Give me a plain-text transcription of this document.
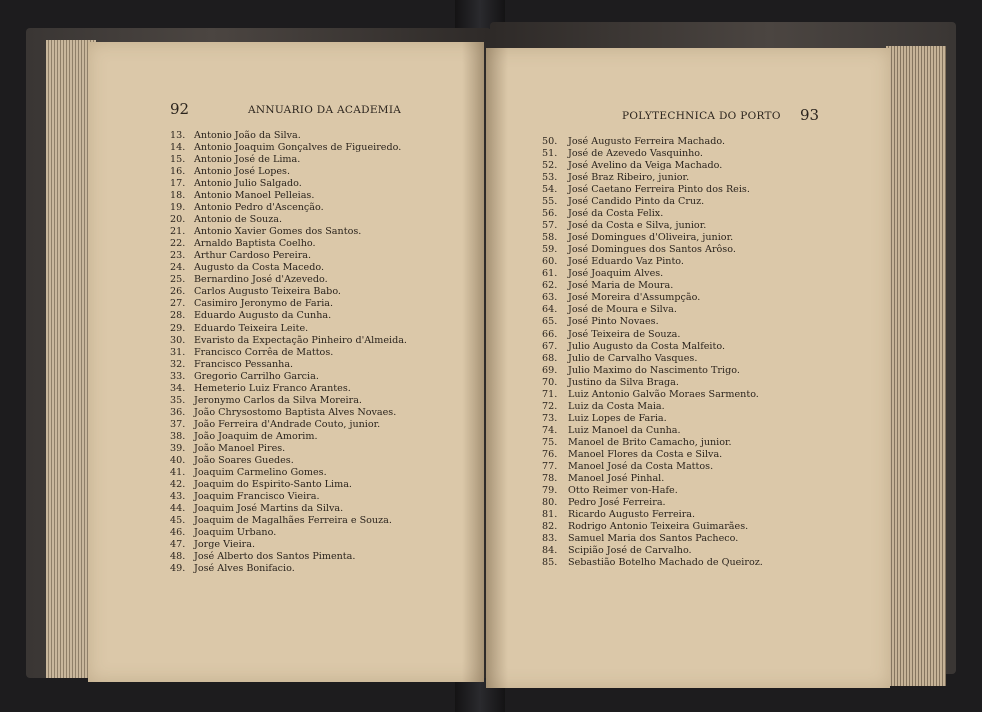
92	ANNUARIO DA ACADEMIA
13. Antonio João da Silva.
14. Antonio Joaquim Gonçalves de Figueiredo.
15. Antonio José de Lima.
16. Antonio José Lopes.
17. Antonio Julio Salgado.
18. Antonio Manoel Pelleias.
19. Antonio Pedro d'Ascenção.
20. Antonio de Souza.
21. Antonio Xavier Gomes dos Santos.
22. Arnaldo Baptista Coelho.
23. Arthur Cardoso Pereira.
24. Augusto da Costa Macedo.
25. Bernardino José d'Azevedo.
26. Carlos Augusto Teixeira Babo.
27. Casimiro Jeronymo de Faria.
28. Eduardo Augusto da Cunha.
29. Eduardo Teixeira Leite.
30. Evaristo da Expectação Pinheiro d'Almeida.
31. Francisco Corrêa de Mattos.
32. Francisco Pessanha.
33. Gregorio Carrilho Garcia.
34. Hemeterio Luiz Franco Arantes.
35. Jeronymo Carlos da Silva Moreira.
36. João Chrysostomo Baptista Alves Novaes.
37. João Ferreira d'Andrade Couto, junior.
38. João Joaquim de Amorim.
39. João Manoel Pires.
40. João Soares Guedes.
41. Joaquim Carmelino Gomes.
42. Joaquim do Espirito-Santo Lima.
43. Joaquim Francisco Vieira.
44. Joaquim José Martins da Silva.
45. Joaquim de Magalhães Ferreira e Souza.
46. Joaquim Urbano.
47. Jorge Vieira.
48. José Alberto dos Santos Pimenta.
49. José Alves Bonifacio.
POLYTECHNICA DO PORTO 93
50. José Augusto Ferreira Machado.
51. José de Azevedo Vasquinho.
52. José Avelino da Veiga Machado.
53. José Braz Ribeiro, junior.
54. José Caetano Ferreira Pinto dos Reis.
55. José Candido Pinto da Cruz.
56. José da Costa Felix.
57. José da Costa e Silva, junior.
58. José Domingues d'Oliveira, junior.
59. José Domingues dos Santos Arôso.
60. José Eduardo Vaz Pinto.
61. José Joaquim Alves.
62. José Maria de Moura.
63. José Moreira d'Assumpção.
64. José de Moura e Silva.
65. José Pinto Novaes.
66. José Teixeira de Souza.
67. Julio Augusto da Costa Malfeito.
68. Julio de Carvalho Vasques.
69. Julio Maximo do Nascimento Trigo.
70. Justino da Silva Braga.
71. Luiz Antonio Galvão Moraes Sarmento.
72. Luiz da Costa Maia.
73. Luiz Lopes de Faria.
74. Luiz Manoel da Cunha.
75. Manoel de Brito Camacho, junior.
76. Manoel Flores da Costa e Silva.
77. Manoel José da Costa Mattos.
78. Manoel José Pinhal.
79. Otto Reimer von-Hafe.
80. Pedro José Ferreira.
81. Ricardo Augusto Ferreira.
82. Rodrigo Antonio Teixeira Guimarães.
83. Samuel Maria dos Santos Pacheco.
84. Scipião José de Carvalho.
85. Sebastião Botelho Machado de Queiroz.
